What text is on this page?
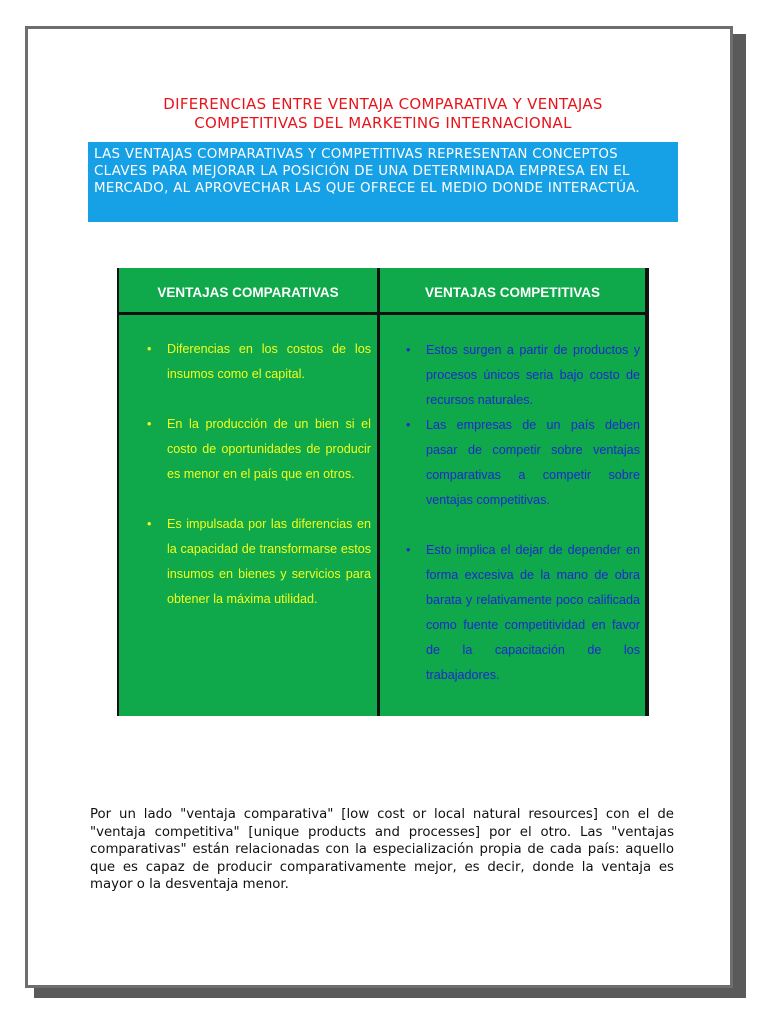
DIFERENCIAS ENTRE VENTAJA COMPARATIVA Y VENTAJAS
COMPETITIVAS DEL MARKETING INTERNACIONAL
LAS VENTAJAS COMPARATIVAS Y COMPETITIVAS REPRESENTAN CONCEPTOS CLAVES PARA MEJORAR LA POSICIÓN DE UNA DETERMINADA EMPRESA EN EL MERCADO, AL APROVECHAR LAS QUE OFRECE EL MEDIO DONDE INTERACTÚA.
VENTAJAS COMPARATIVAS	VENTAJAS COMPETITIVAS
• Diferencias en los costos de los insumos como el capital.
• En la producción de un bien si el costo de oportunidades de producir es menor en el país que en otros.
• Es impulsada por las diferencias en la capacidad de transformarse estos insumos en bienes y servicios para obtener la máxima utilidad.
• Estos surgen a partir de productos y procesos únicos seria bajo costo de recursos naturales.
• Las empresas de un país deben pasar de competir sobre ventajas comparativas a competir sobre ventajas competitivas.
• Esto implica el dejar de depender en forma excesiva de la mano de obra barata y relativamente poco calificada como fuente competitividad en favor de la capacitación de los trabajadores.

Por un lado "ventaja comparativa" [low cost or local natural resources] con el de "ventaja competitiva" [unique products and processes] por el otro. Las "ventajas comparativas" están relacionadas con la especialización propia de cada país: aquello que es capaz de producir comparativamente mejor, es decir, donde la ventaja es mayor o la desventaja menor.
